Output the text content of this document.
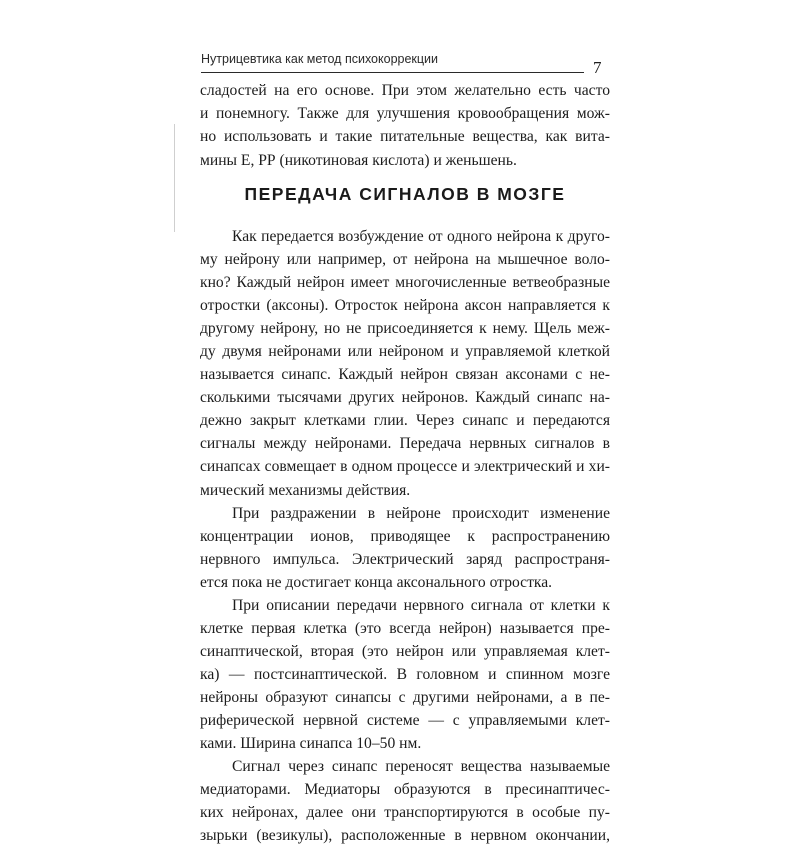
Нутрицевтика как метод психокоррекции	7
сладостей на его основе. При этом желательно есть часто
и понемногу. Также для улучшения кровообращения мож-
но использовать и такие питательные вещества, как вита-
мины Е, РР (никотиновая кислота) и женьшень.
ПЕРЕДАЧА СИГНАЛОВ В МОЗГЕ
Как передается возбуждение от одного нейрона к друго-
му нейрону или например, от нейрона на мышечное воло-
кно? Каждый нейрон имеет многочисленные ветвеобразные
отростки (аксоны). Отросток нейрона аксон направляется к
другому нейрону, но не присоединяется к нему. Щель меж-
ду двумя нейронами или нейроном и управляемой клеткой
называется синапс. Каждый нейрон связан аксонами с не-
сколькими тысячами других нейронов. Каждый синапс на-
дежно закрыт клетками глии. Через синапс и передаются
сигналы между нейронами. Передача нервных сигналов в
синапсах совмещает в одном процессе и электрический и хи-
мический механизмы действия.
При раздражении в нейроне происходит изменение
концентрации ионов, приводящее к распространению
нервного импульса. Электрический заряд распространя-
ется пока не достигает конца аксонального отростка.
При описании передачи нервного сигнала от клетки к
клетке первая клетка (это всегда нейрон) называется пре-
синаптической, вторая (это нейрон или управляемая клет-
ка) — постсинаптической. В головном и спинном мозге
нейроны образуют синапсы с другими нейронами, а в пе-
риферической нервной системе — с управляемыми клет-
ками. Ширина синапса 10–50 нм.
Сигнал через синапс переносят вещества называемые
медиаторами. Медиаторы образуются в пресинаптичес-
ких нейронах, далее они транспортируются в особые пу-
зырьки (везикулы), расположенные в нервном окончании,
